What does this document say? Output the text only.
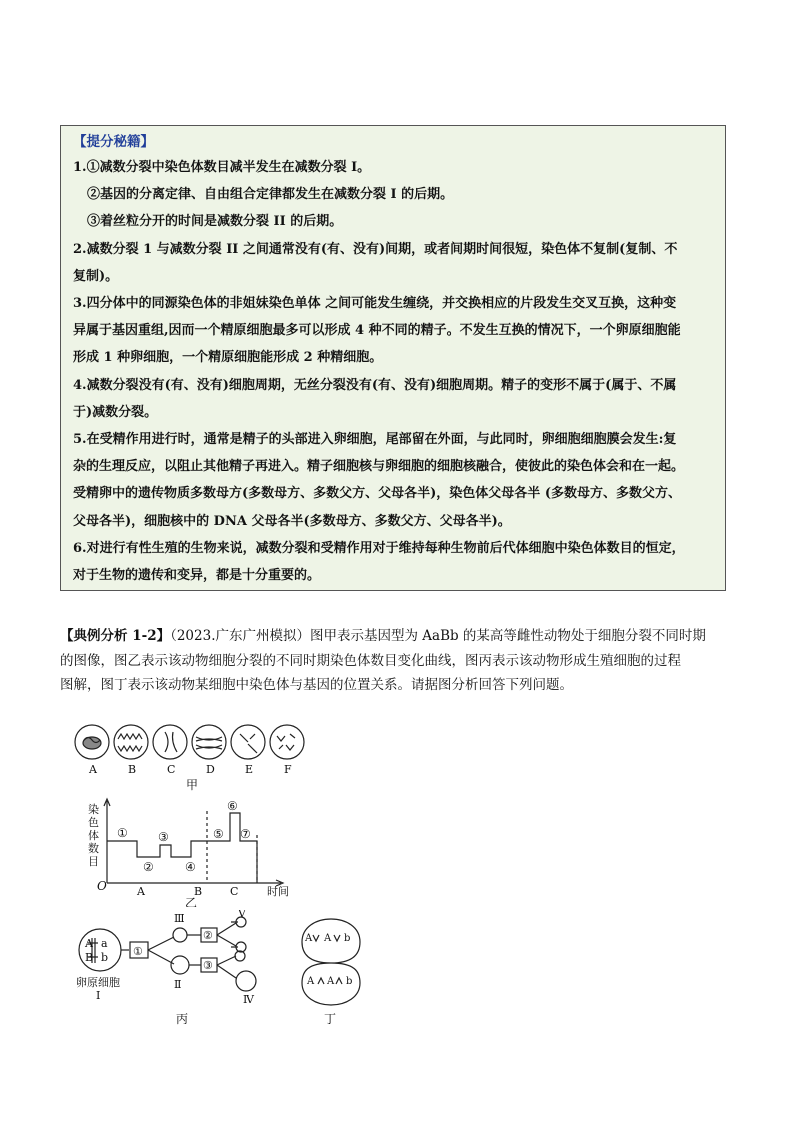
【提分秘籍】
1.①减数分裂中染色体数目减半发生在减数分裂 I。
②基因的分离定律、自由组合定律都发生在减数分裂 I 的后期。
③着丝粒分开的时间是减数分裂 II 的后期。
2.减数分裂 1 与减数分裂 II 之间通常没有(有、没有)间期，或者间期时间很短，染色体不复制(复制、不
复制)。
3.四分体中的同源染色体的非姐妹染色单体 之间可能发生缠绕，并交换相应的片段发生交叉互换，这种变
异属于基因重组,因而一个精原细胞最多可以形成 4 种不同的精子。不发生互换的情况下，一个卵原细胞能
形成 1 种卵细胞，一个精原细胞能形成 2 种精细胞。
4.减数分裂没有(有、没有)细胞周期，无丝分裂没有(有、没有)细胞周期。精子的变形不属于(属于、不属
于)减数分裂。
5.在受精作用进行时，通常是精子的头部进入卵细胞，尾部留在外面，与此同时，卵细胞细胞膜会发生:复
杂的生理反应，以阻止其他精子再进入。精子细胞核与卵细胞的细胞核融合，使彼此的染色体会和在一起。
受精卵中的遗传物质多数母方(多数母方、多数父方、父母各半)，染色体父母各半 (多数母方、多数父方、
父母各半)，细胞核中的 DNA 父母各半(多数母方、多数父方、父母各半)。
6.对进行有性生殖的生物来说，减数分裂和受精作用对于维持每种生物前后代体细胞中染色体数目的恒定，
对于生物的遗传和变异，都是十分重要的。
【典例分析 1-2】（2023.广东广州模拟）图甲表示基因型为 AaBb 的某高等雌性动物处于细胞分裂不同时期
的图像，图乙表示该动物细胞分裂的不同时期染色体数目变化曲线，图丙表示该动物形成生殖细胞的过程
图解，图丁表示该动物某细胞中染色体与基因的位置关系。请据图分析回答下列问题。
A	B	C	D	E	F
甲
染
色
体
数
目
O
①
②
③
④
⑤
⑥
⑦
A	B	C	时间
乙
A a
B b ①
②
③
Ⅲ
Ⅱ
Ⅴ
Ⅳ
卵原细胞
I
丙
A A b
A A b
丁
